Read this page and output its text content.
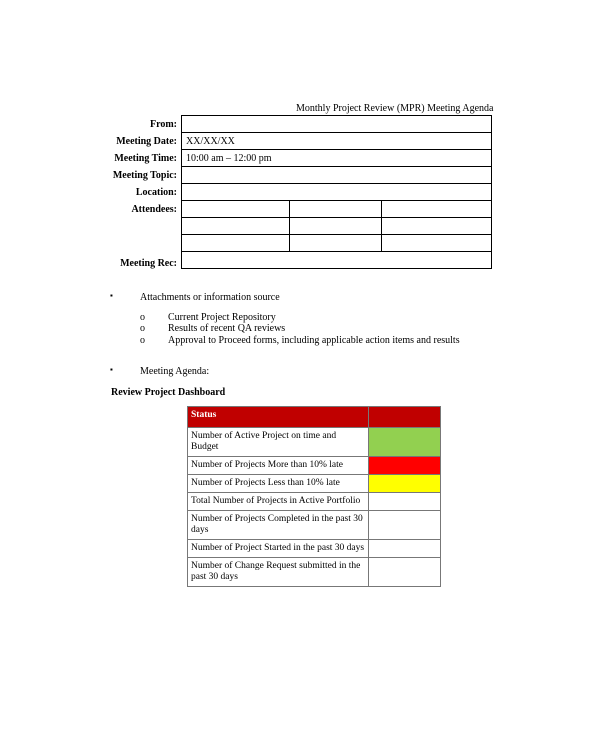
Monthly Project Review (MPR) Meeting Agenda
From:			
Meeting Date:	XX/XX/XX		
Meeting Time:	10:00 am – 12:00 pm		
Meeting Topic:			
Location:			
Attendees:			

Meeting Rec:			
▪	Attachments or information source
o Current Project Repository
o Results of recent QA reviews
o Approval to Proceed forms, including applicable action items and results
▪	Meeting Agenda:
Review Project Dashboard
Status	
Number of Active Project on time and Budget	
Number of Projects More than 10% late	
Number of Projects Less than 10% late	
Total Number of Projects in Active Portfolio	
Number of Projects Completed in the past 30 days	
Number of Project Started in the past 30 days	
Number of Change Request submitted in the past 30 days	
